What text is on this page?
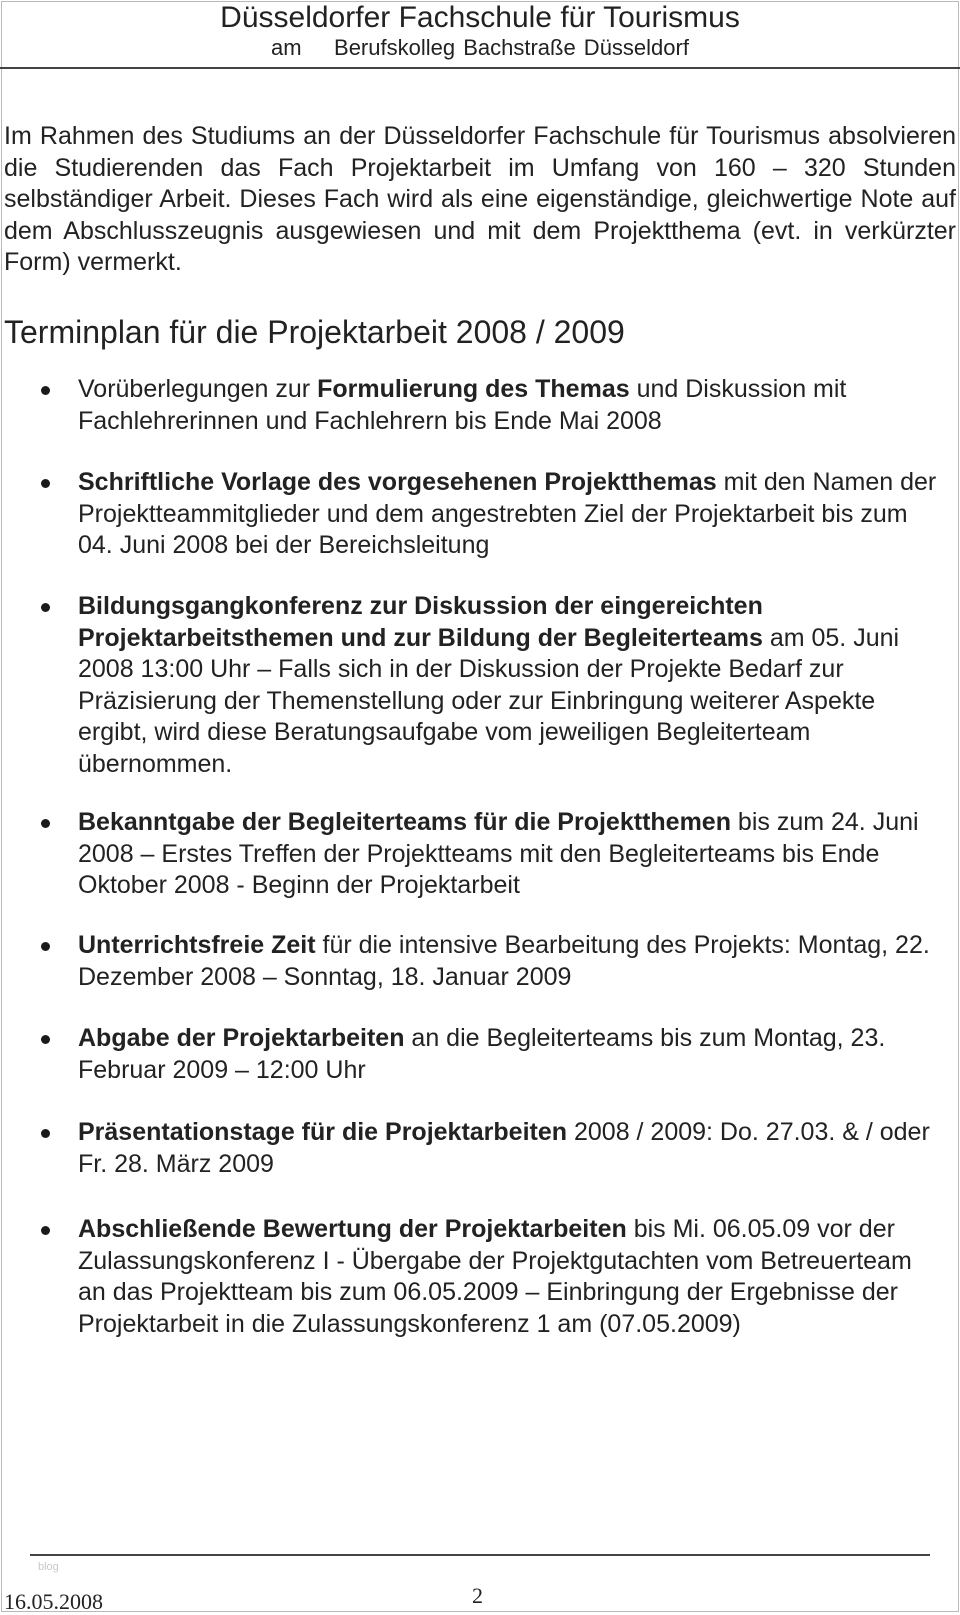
Düsseldorfer Fachschule für Tourismus
am    Berufskolleg Bachstraße Düsseldorf
Im Rahmen des Studiums an der Düsseldorfer Fachschule für Tourismus absolvieren die Studierenden das Fach Projektarbeit im Umfang von 160 – 320 Stunden selbständiger Arbeit. Dieses Fach wird als eine eigenständige, gleichwertige Note auf dem Abschlusszeugnis ausgewiesen und mit dem Projektthema (evt. in verkürzter Form) vermerkt.
Terminplan für die Projektarbeit 2008 / 2009
Vorüberlegungen zur Formulierung des Themas und Diskussion mit Fachlehrerinnen und Fachlehrern bis Ende Mai 2008
Schriftliche Vorlage des vorgesehenen Projektthemas mit den Namen der Projektteammitglieder und dem angestrebten Ziel der Projektarbeit bis zum 04. Juni 2008 bei der Bereichsleitung
Bildungsgangkonferenz zur Diskussion der eingereichten Projektarbeitsthemen und zur Bildung der Begleiterteams am 05. Juni 2008 13:00 Uhr – Falls sich in der Diskussion der Projekte Bedarf zur Präzisierung der Themenstellung oder zur Einbringung weiterer Aspekte ergibt, wird diese Beratungsaufgabe vom jeweiligen Begleiterteam übernommen.
Bekanntgabe der Begleiterteams für die Projektthemen bis zum 24. Juni 2008 – Erstes Treffen der Projektteams mit den Begleiterteams bis Ende Oktober 2008 - Beginn der Projektarbeit
Unterrichtsfreie Zeit für die intensive Bearbeitung des Projekts: Montag, 22. Dezember 2008 – Sonntag, 18. Januar 2009
Abgabe der Projektarbeiten an die Begleiterteams bis zum Montag, 23. Februar 2009 – 12:00 Uhr
Präsentationstage für die Projektarbeiten 2008 / 2009: Do. 27.03. & / oder Fr. 28. März 2009
Abschließende Bewertung der Projektarbeiten bis Mi. 06.05.09 vor der Zulassungskonferenz I - Übergabe der Projektgutachten vom Betreuerteam an das Projektteam bis zum 06.05.2009 – Einbringung der Ergebnisse der Projektarbeit in die Zulassungskonferenz 1 am (07.05.2009)
blog
16.05.2008	2
